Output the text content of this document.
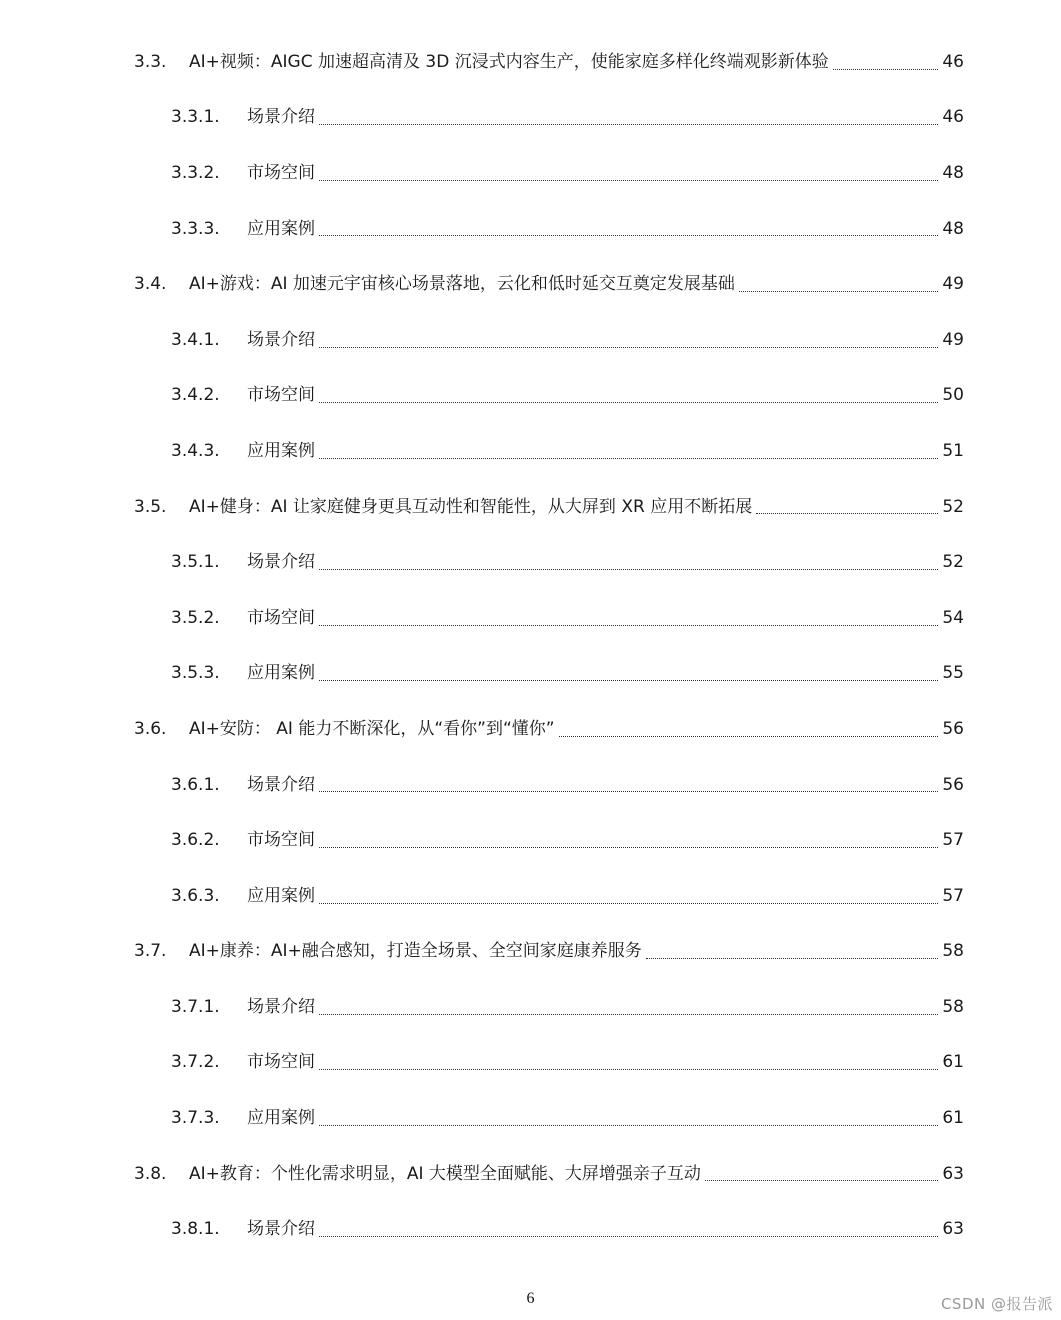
3.3.	AI+视频：AIGC 加速超高清及 3D 沉浸式内容生产，使能家庭多样化终端观影新体验	46
3.3.1.	场景介绍	46
3.3.2.	市场空间	48
3.3.3.	应用案例	48
3.4.	AI+游戏：AI 加速元宇宙核心场景落地，云化和低时延交互奠定发展基础	49
3.4.1.	场景介绍	49
3.4.2.	市场空间	50
3.4.3.	应用案例	51
3.5.	AI+健身：AI 让家庭健身更具互动性和智能性，从大屏到 XR 应用不断拓展	52
3.5.1.	场景介绍	52
3.5.2.	市场空间	54
3.5.3.	应用案例	55
3.6.	AI+安防： AI 能力不断深化，从“看你”到“懂你”	56
3.6.1.	场景介绍	56
3.6.2.	市场空间	57
3.6.3.	应用案例	57
3.7.	AI+康养：AI+融合感知，打造全场景、全空间家庭康养服务	58
3.7.1.	场景介绍	58
3.7.2.	市场空间	61
3.7.3.	应用案例	61
3.8.	AI+教育：个性化需求明显，AI 大模型全面赋能、大屏增强亲子互动	63
3.8.1.	场景介绍	63
6	CSDN @报告派
